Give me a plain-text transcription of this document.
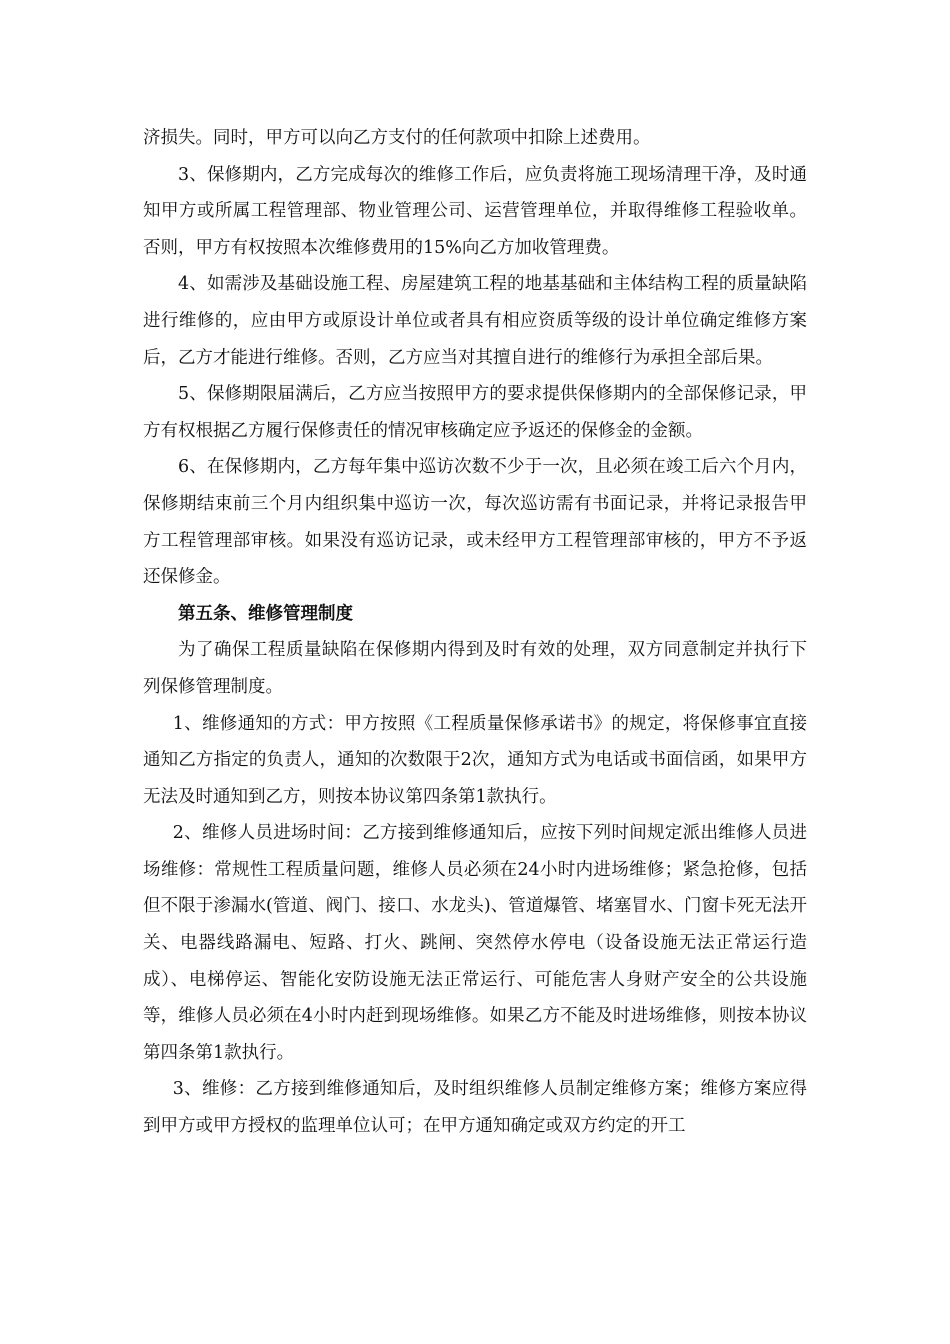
济损失。同时，甲方可以向乙方支付的任何款项中扣除上述费用。

3、保修期内，乙方完成每次的维修工作后，应负责将施工现场清理干净，及时通知甲方或所属工程管理部、物业管理公司、运营管理单位，并取得维修工程验收单。否则，甲方有权按照本次维修费用的15%向乙方加收管理费。

4、如需涉及基础设施工程、房屋建筑工程的地基基础和主体结构工程的质量缺陷进行维修的，应由甲方或原设计单位或者具有相应资质等级的设计单位确定维修方案后，乙方才能进行维修。否则，乙方应当对其擅自进行的维修行为承担全部后果。

5、保修期限届满后，乙方应当按照甲方的要求提供保修期内的全部保修记录，甲方有权根据乙方履行保修责任的情况审核确定应予返还的保修金的金额。

6、在保修期内，乙方每年集中巡访次数不少于一次，且必须在竣工后六个月内，保修期结束前三个月内组织集中巡访一次，每次巡访需有书面记录，并将记录报告甲方工程管理部审核。如果没有巡访记录，或未经甲方工程管理部审核的，甲方不予返还保修金。

第五条、维修管理制度

为了确保工程质量缺陷在保修期内得到及时有效的处理，双方同意制定并执行下列保修管理制度。

1、维修通知的方式：甲方按照《工程质量保修承诺书》的规定，将保修事宜直接通知乙方指定的负责人，通知的次数限于2次，通知方式为电话或书面信函，如果甲方无法及时通知到乙方，则按本协议第四条第1款执行。

2、维修人员进场时间：乙方接到维修通知后，应按下列时间规定派出维修人员进场维修：常规性工程质量问题，维修人员必须在24小时内进场维修；紧急抢修，包括但不限于渗漏水(管道、阀门、接口、水龙头)、管道爆管、堵塞冒水、门窗卡死无法开关、电器线路漏电、短路、打火、跳闸、突然停水停电（设备设施无法正常运行造成）、电梯停运、智能化安防设施无法正常运行、可能危害人身财产安全的公共设施等，维修人员必须在4小时内赶到现场维修。如果乙方不能及时进场维修，则按本协议第四条第1款执行。

3、维修：乙方接到维修通知后，及时组织维修人员制定维修方案；维修方案应得到甲方或甲方授权的监理单位认可；在甲方通知确定或双方约定的开工
